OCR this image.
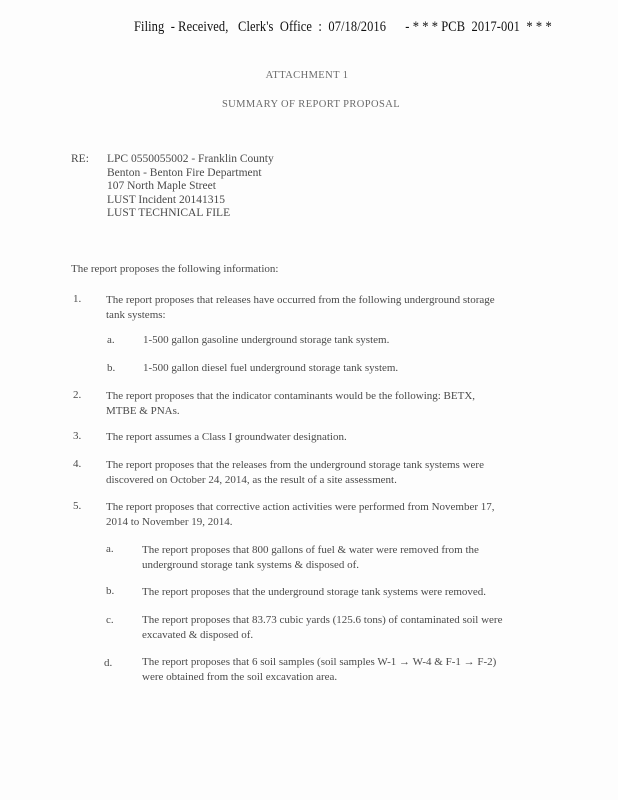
Filing  - Received,   Clerk's  Office  :  07/18/2016      - * * * PCB  2017-001  * * *
ATTACHMENT 1
SUMMARY OF REPORT PROPOSAL
RE: LPC 0550055002 - Franklin County
Benton - Benton Fire Department
107 North Maple Street
LUST Incident 20141315
LUST TECHNICAL FILE
The report proposes the following information:
1. The report proposes that releases have occurred from the following underground storage
tank systems:
a.	1-500 gallon gasoline underground storage tank system.
b.	1-500 gallon diesel fuel underground storage tank system.
2. The report proposes that the indicator contaminants would be the following: BETX,
MTBE & PNAs.
3. The report assumes a Class I groundwater designation.
4. The report proposes that the releases from the underground storage tank systems were
discovered on October 24, 2014, as the result of a site assessment.
5. The report proposes that corrective action activities were performed from November 17,
2014 to November 19, 2014.
a.	The report proposes that 800 gallons of fuel & water were removed from the
underground storage tank systems & disposed of.
b.	The report proposes that the underground storage tank systems were removed.
c.	The report proposes that 83.73 cubic yards (125.6 tons) of contaminated soil were
excavated & disposed of.
d.	The report proposes that 6 soil samples (soil samples W-1 → W-4 & F-1 → F-2)
were obtained from the soil excavation area.
